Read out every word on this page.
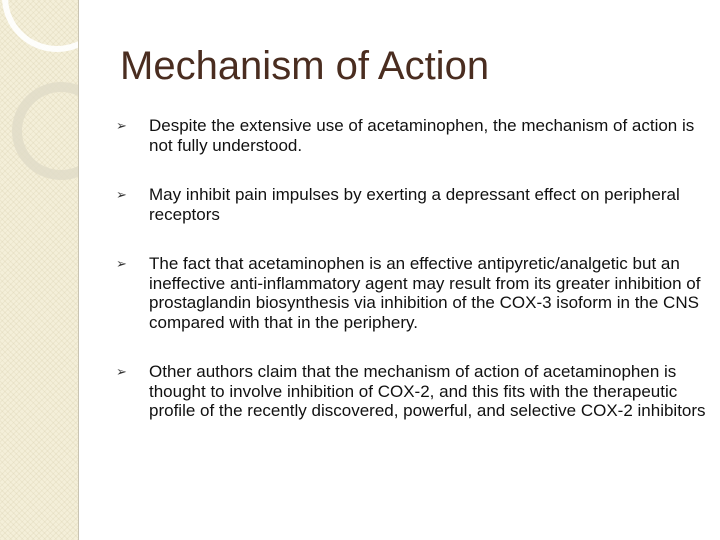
Mechanism of Action
➢	Despite the extensive use of acetaminophen, the mechanism of action is not fully understood.
➢	May inhibit pain impulses by exerting a depressant effect on peripheral receptors
➢	The fact that acetaminophen is an effective antipyretic/analgetic but an ineffective anti-inflammatory agent may result from its greater inhibition of prostaglandin biosynthesis via inhibition of the COX-3 isoform in the CNS compared with that in the periphery.
➢	Other authors claim that the mechanism of action of acetaminophen is thought to involve inhibition of COX-2, and this fits with the therapeutic profile of the recently discovered, powerful, and selective COX-2 inhibitors
